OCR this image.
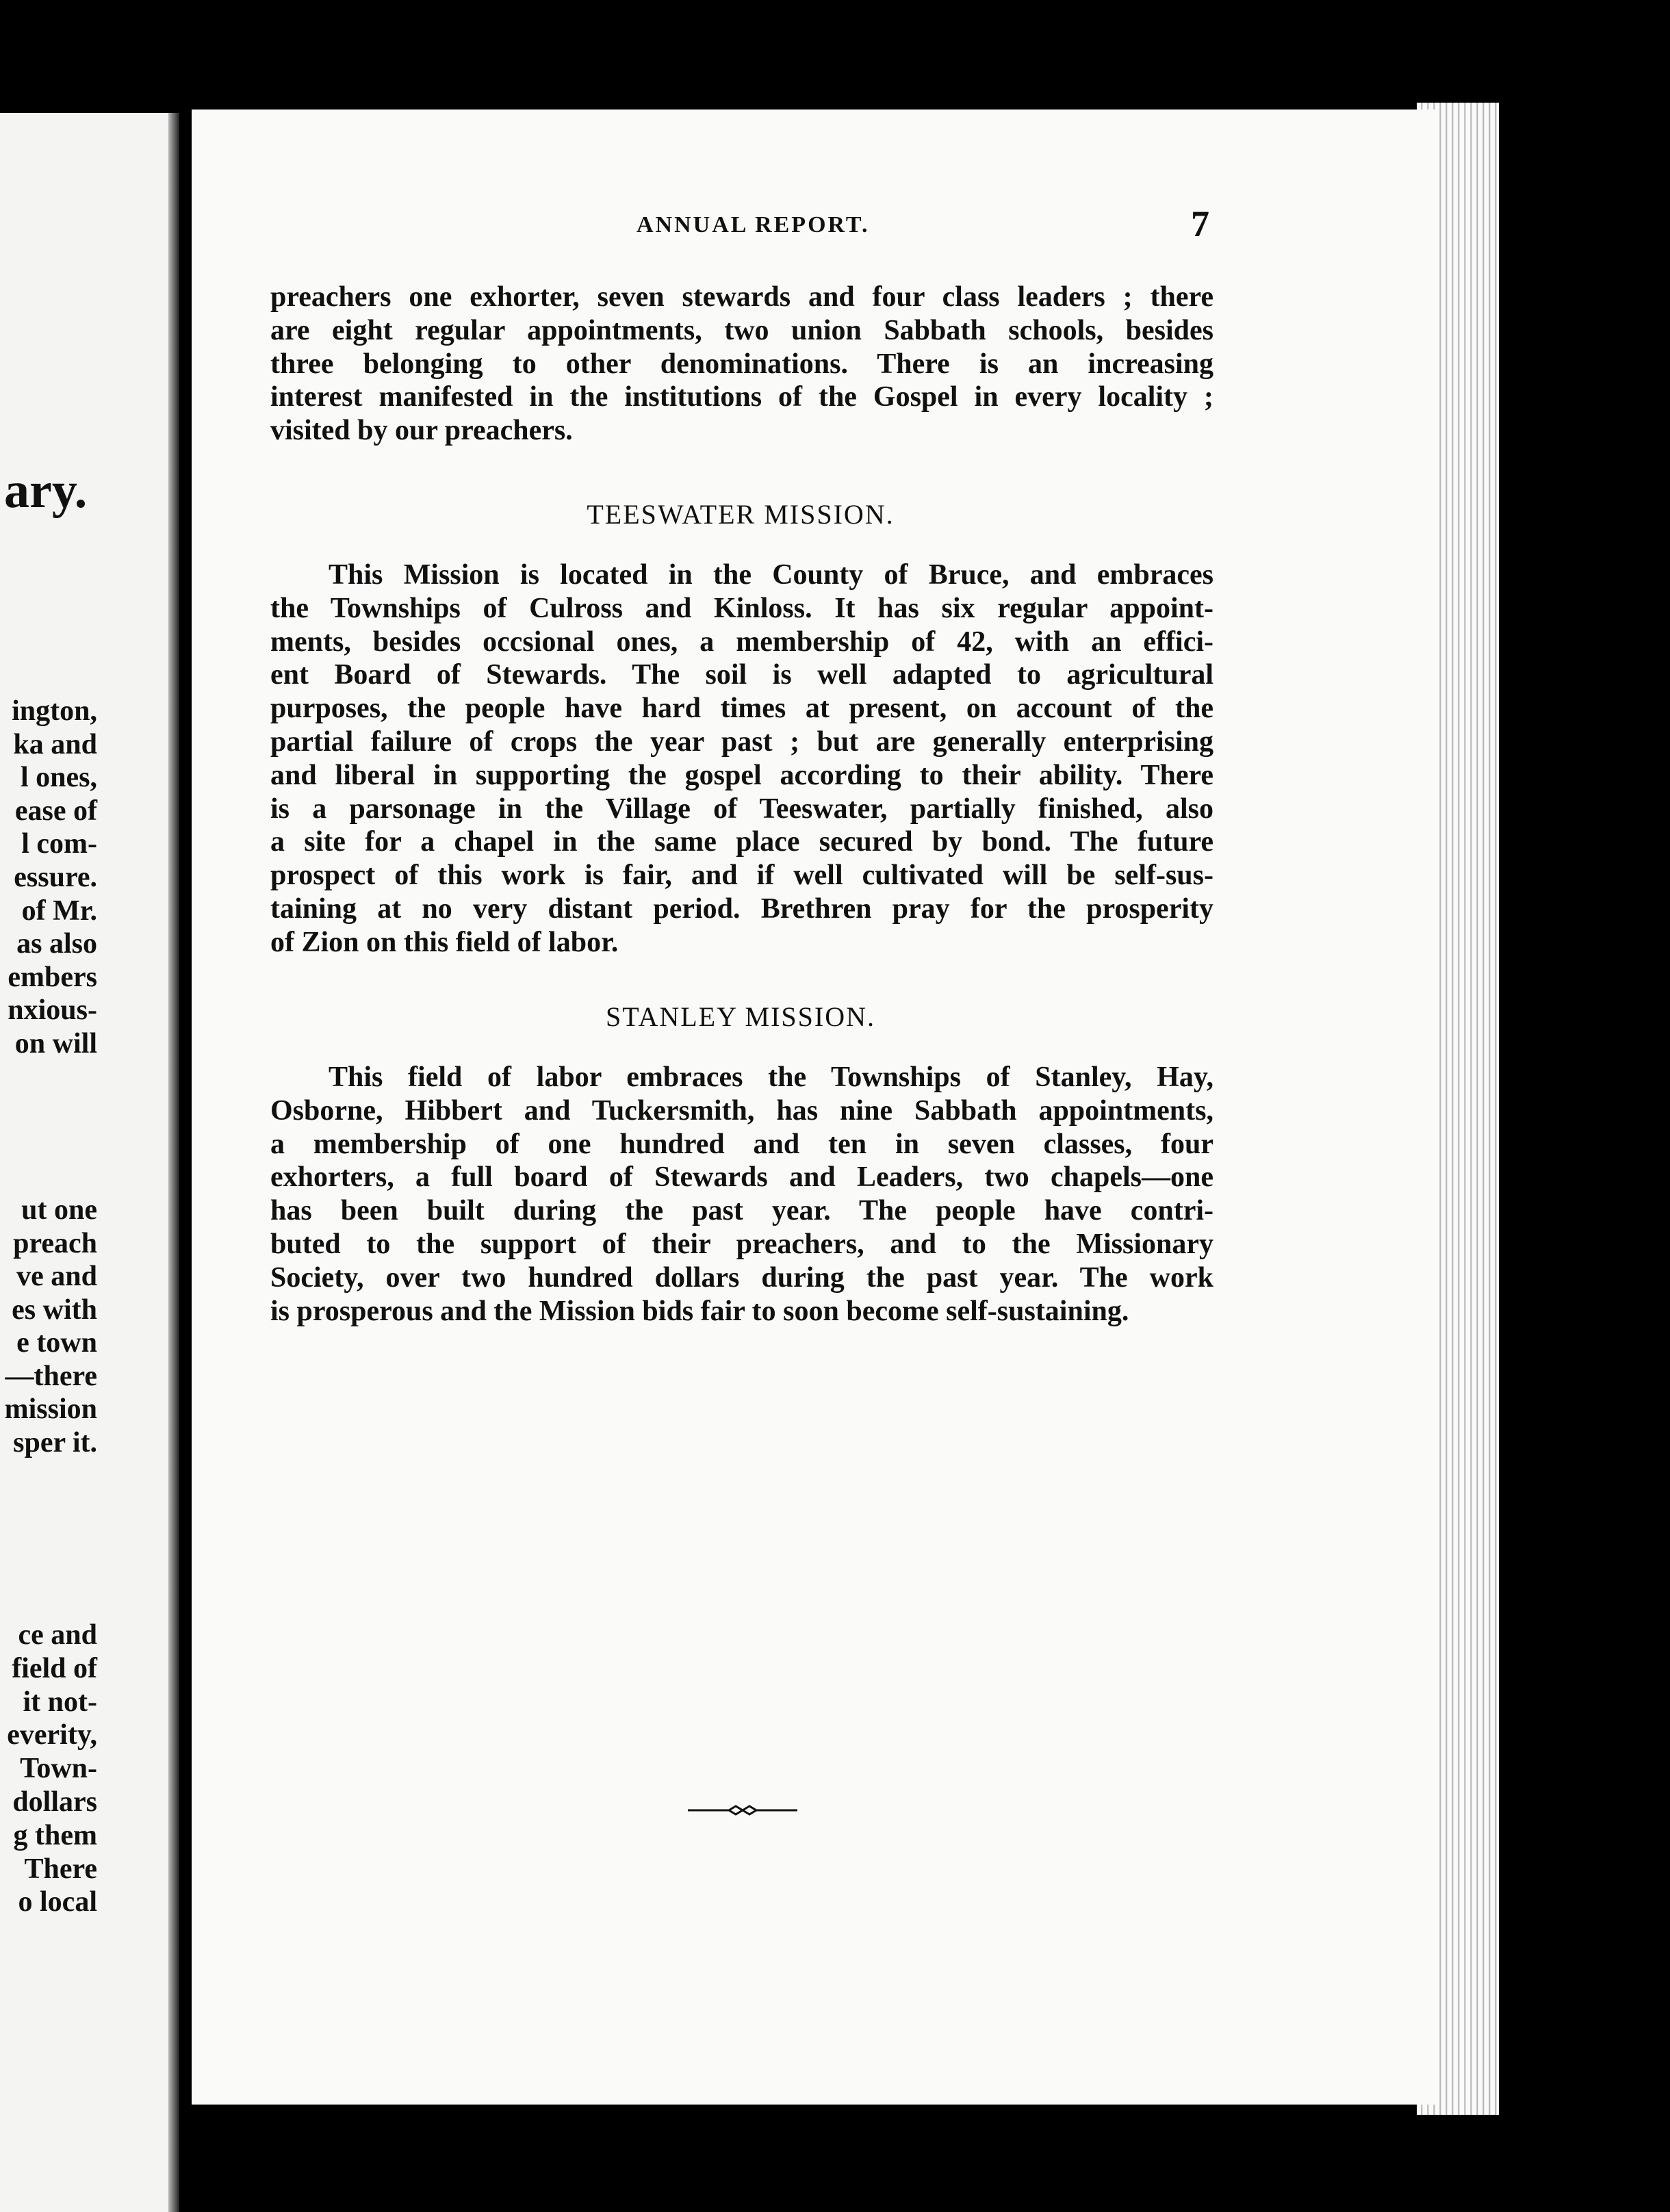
ary.
ington,
ka and
l ones,
ease of
l com-
essure.
of Mr.
as also
embers
nxious-
on will

ut one
preach
ve and
es with
e town
—there
mission
sper it.
ce and
field of
it not-
everity,
Town-
dollars
g them
There
o local
ANNUAL REPORT.	7
preachers one exhorter, seven stewards and four class leaders ; there
are eight regular appointments, two union Sabbath schools, besides
three belonging to other denominations. There is an increasing
interest manifested in the institutions of the Gospel in every locality ;
visited by our preachers.
TEESWATER MISSION.
This Mission is located in the County of Bruce, and embraces
the Townships of Culross and Kinloss. It has six regular appoint-
ments, besides occsional ones, a membership of 42, with an effici-
ent Board of Stewards. The soil is well adapted to agricultural
purposes, the people have hard times at present, on account of the
partial failure of crops the year past ; but are generally enterprising
and liberal in supporting the gospel according to their ability. There
is a parsonage in the Village of Teeswater, partially finished, also
a site for a chapel in the same place secured by bond. The future
prospect of this work is fair, and if well cultivated will be self-sus-
taining at no very distant period. Brethren pray for the prosperity
of Zion on this field of labor.
STANLEY MISSION.
This field of labor embraces the Townships of Stanley, Hay,
Osborne, Hibbert and Tuckersmith, has nine Sabbath appointments,
a membership of one hundred and ten in seven classes, four
exhorters, a full board of Stewards and Leaders, two chapels—one
has been built during the past year. The people have contri-
buted to the support of their preachers, and to the Missionary
Society, over two hundred dollars during the past year. The work
is prosperous and the Mission bids fair to soon become self-sustaining.
